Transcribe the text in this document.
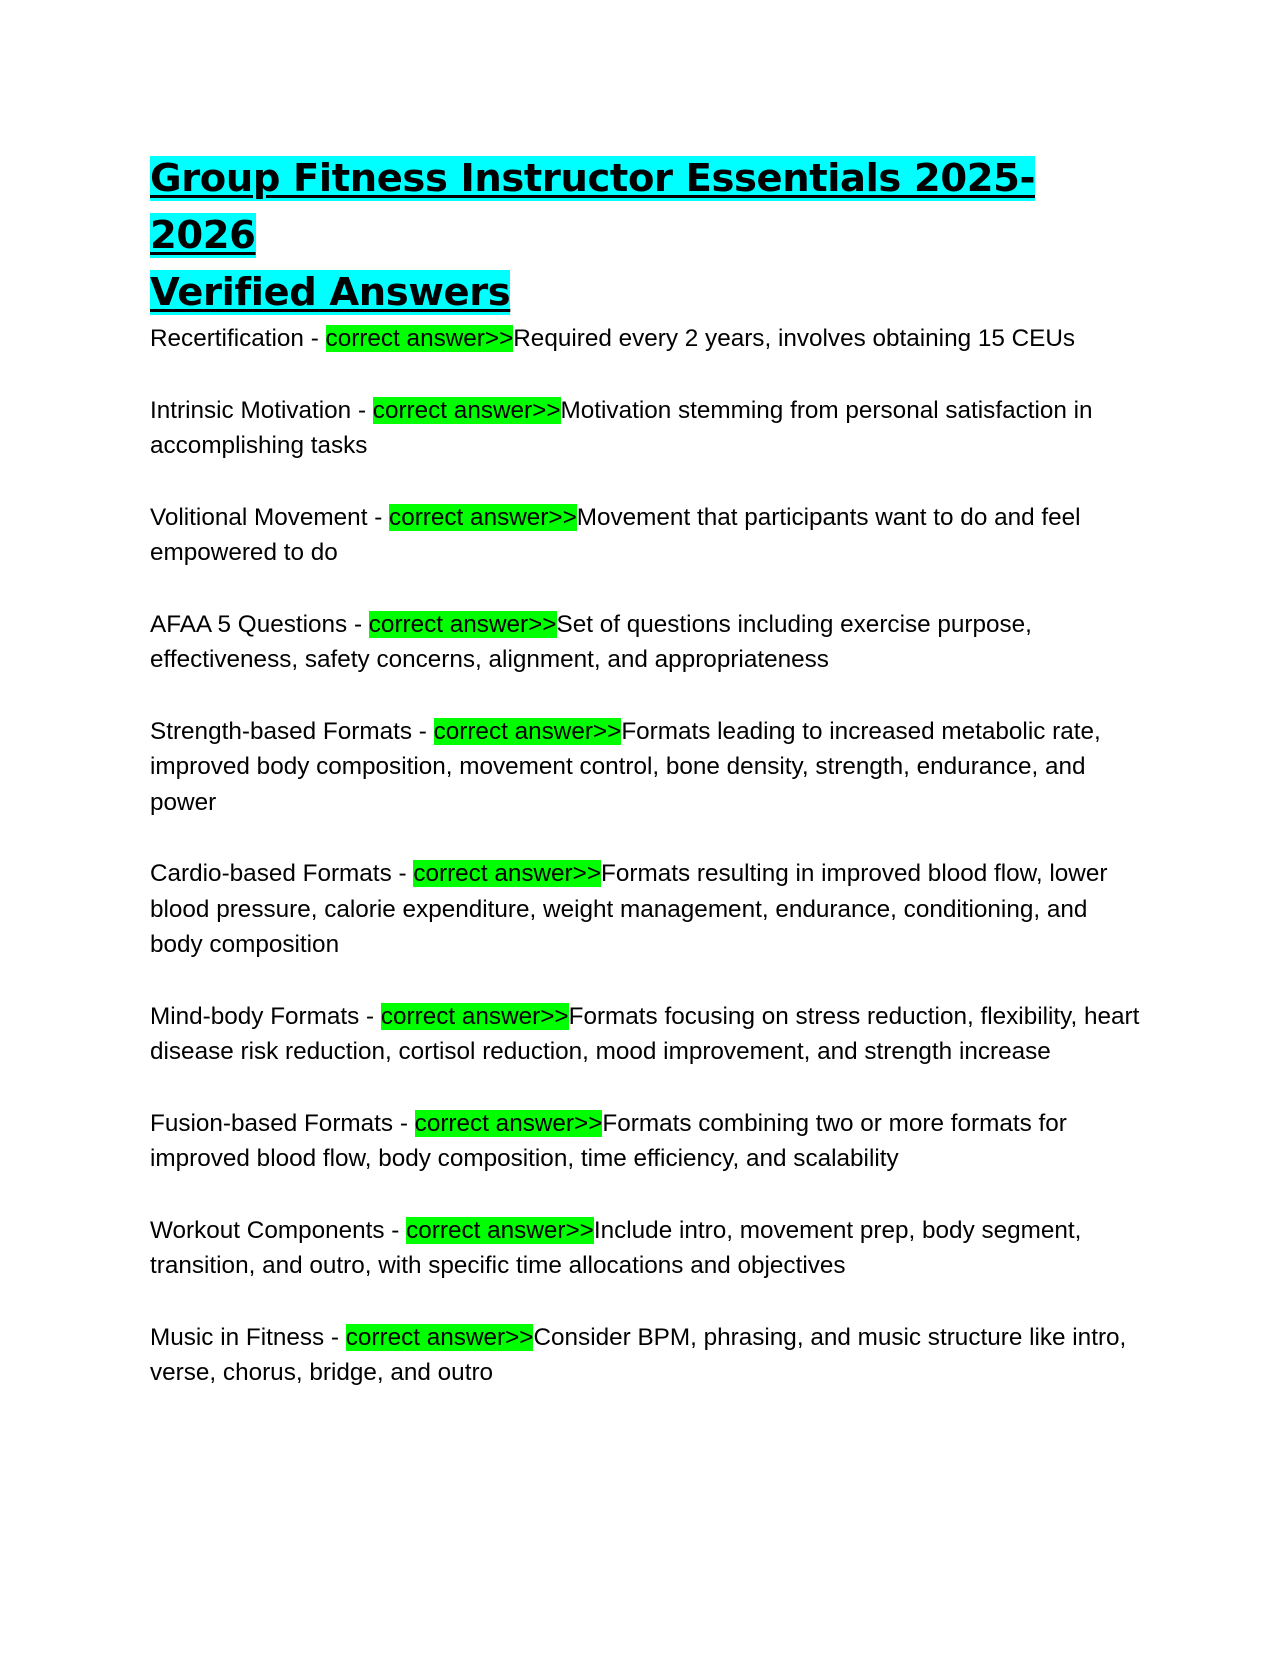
Group Fitness Instructor Essentials 2025-2026
Verified Answers

Recertification - correct answer>>Required every 2 years, involves obtaining 15 CEUs

Intrinsic Motivation - correct answer>>Motivation stemming from personal satisfaction in accomplishing tasks

Volitional Movement - correct answer>>Movement that participants want to do and feel empowered to do

AFAA 5 Questions - correct answer>>Set of questions including exercise purpose, effectiveness, safety concerns, alignment, and appropriateness

Strength-based Formats - correct answer>>Formats leading to increased metabolic rate, improved body composition, movement control, bone density, strength, endurance, and power

Cardio-based Formats - correct answer>>Formats resulting in improved blood flow, lower blood pressure, calorie expenditure, weight management, endurance, conditioning, and body composition

Mind-body Formats - correct answer>>Formats focusing on stress reduction, flexibility, heart disease risk reduction, cortisol reduction, mood improvement, and strength increase

Fusion-based Formats - correct answer>>Formats combining two or more formats for improved blood flow, body composition, time efficiency, and scalability

Workout Components - correct answer>>Include intro, movement prep, body segment, transition, and outro, with specific time allocations and objectives

Music in Fitness - correct answer>>Consider BPM, phrasing, and music structure like intro, verse, chorus, bridge, and outro
